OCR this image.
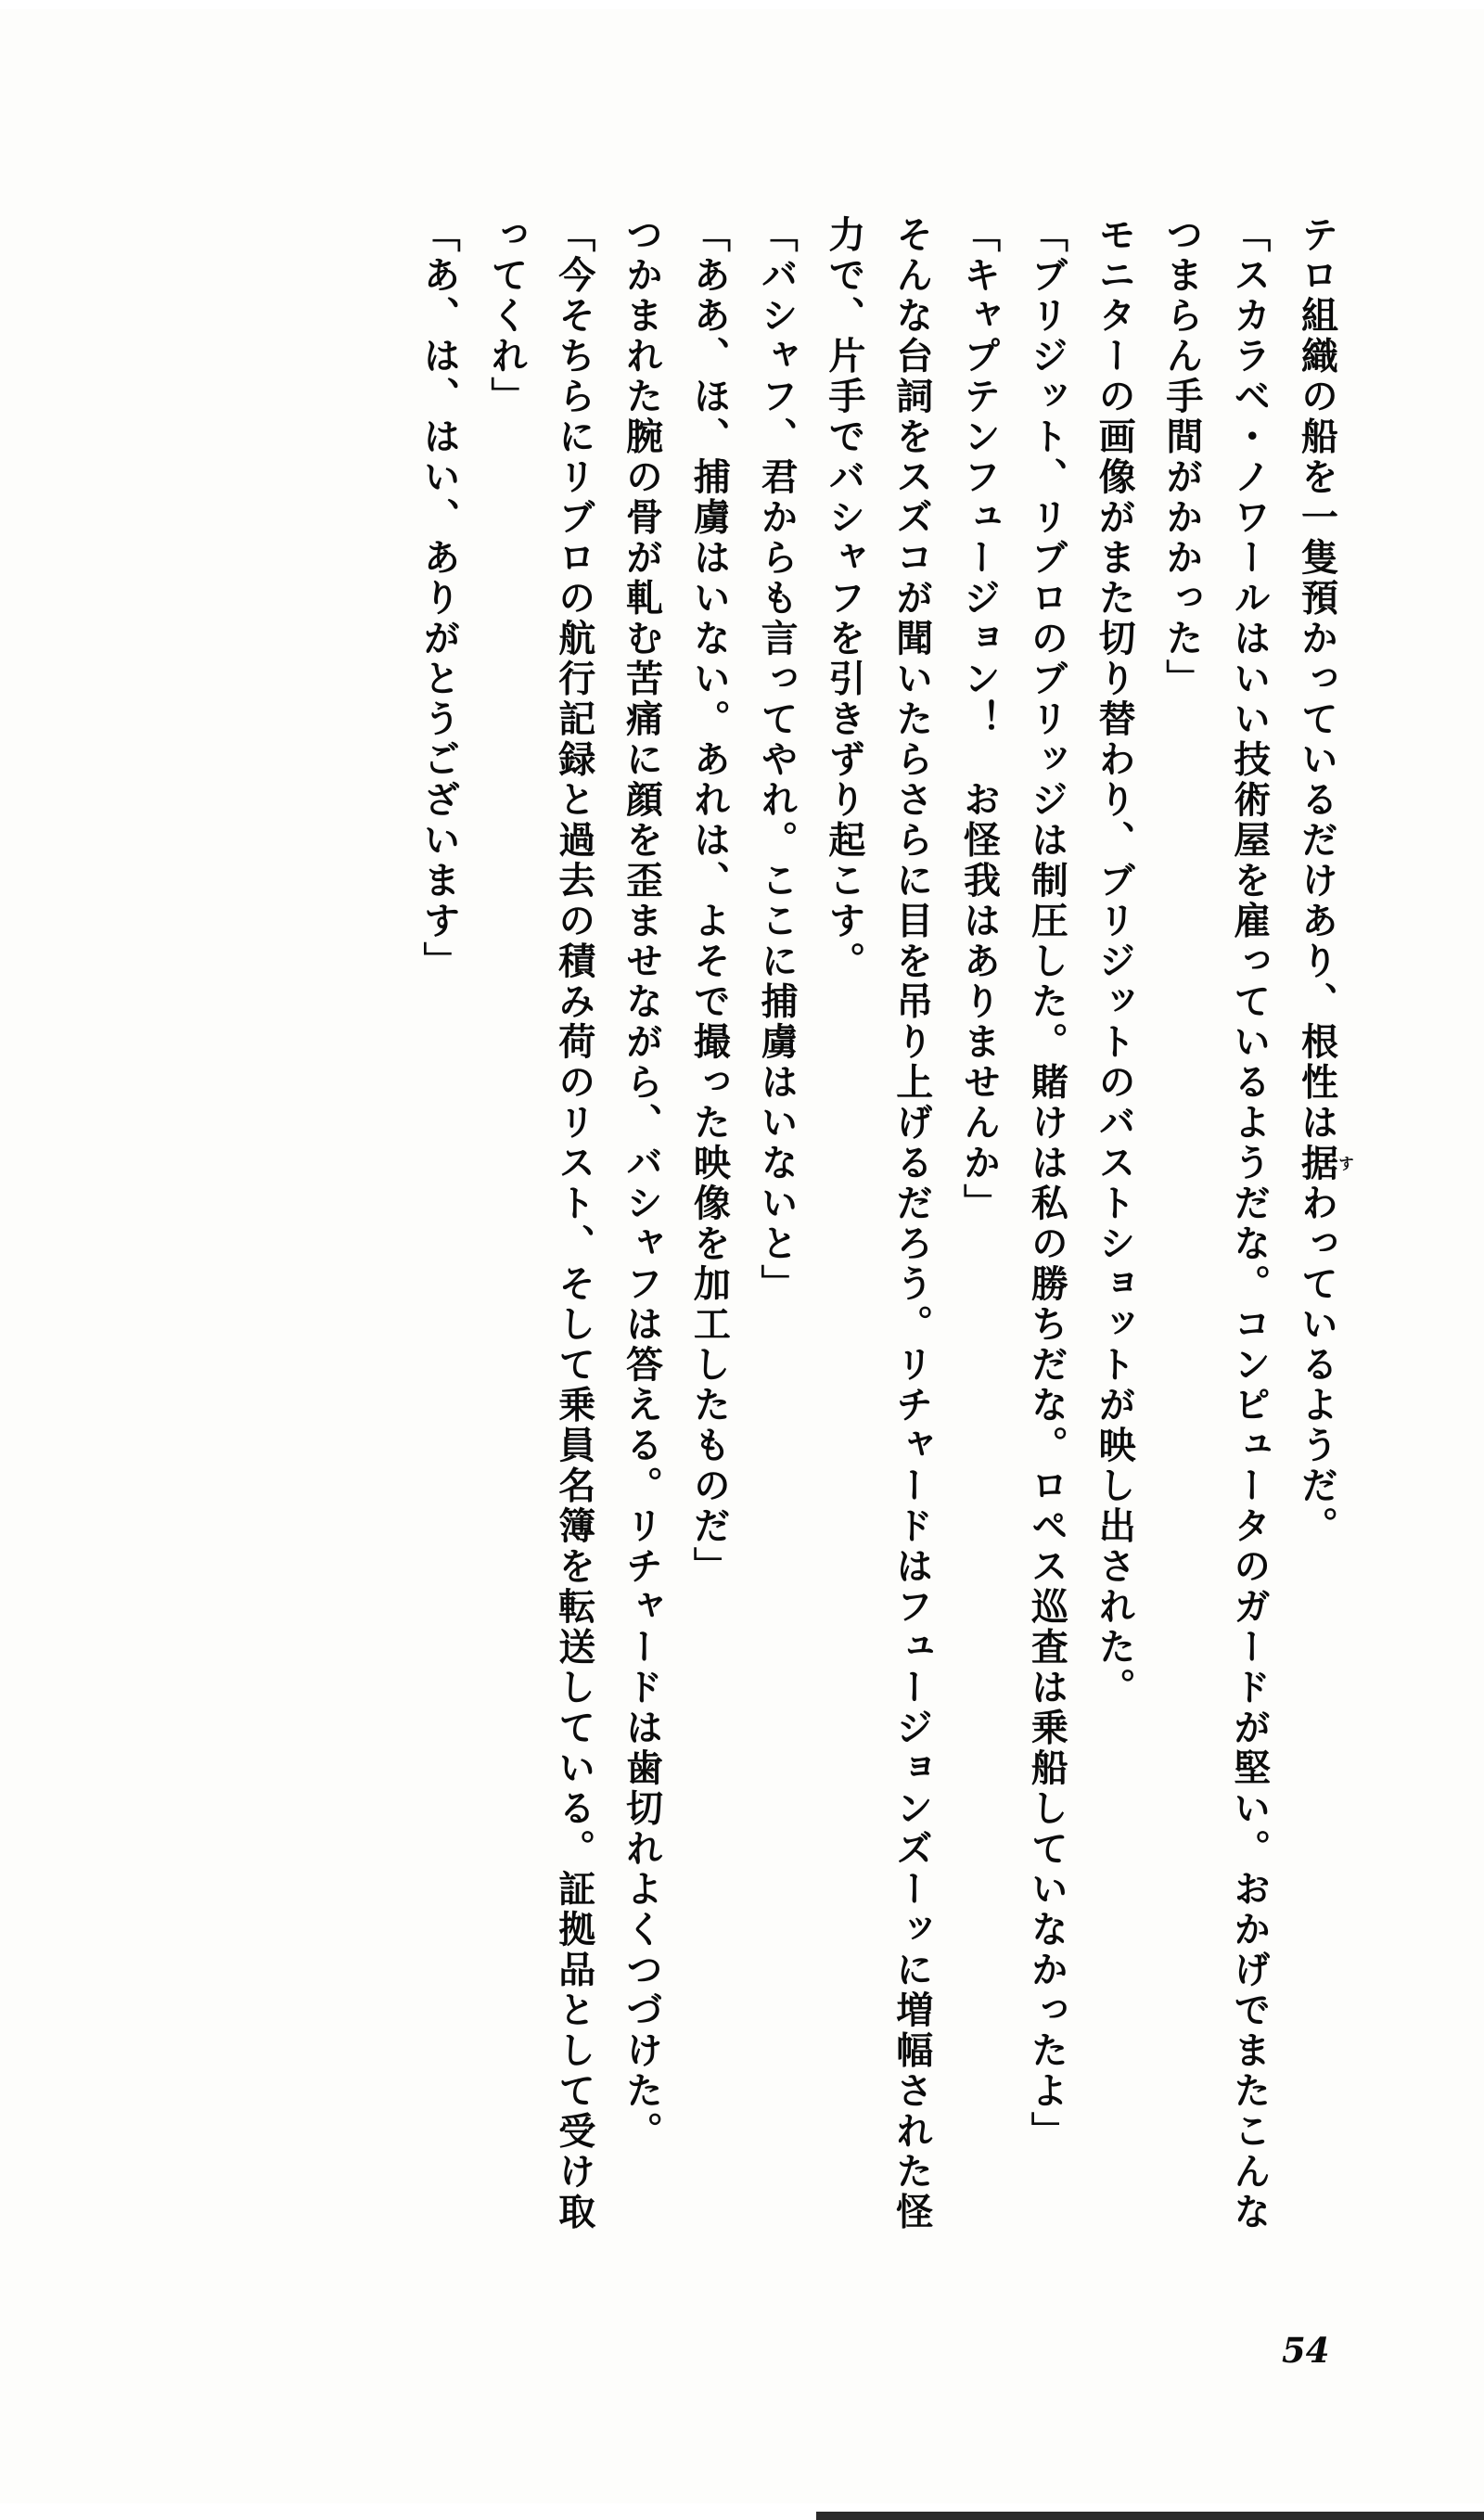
テロ組織の船を一隻預かっているだけあり、根性は据すわっているようだ。

「スカラベ・ノワールはいい技術屋を雇っているようだな。コンピュータのガードが堅い。おかげでまたこんなつまらん手間がかかった」

モニターの画像がまた切り替わり、ブリジットのバストショットが映し出された。

「ブリジット、リブロのブリッジは制圧した。賭けは私の勝ちだな。ロペス巡査は乗船していなかったよ」

「キャプテンフュージョン！　お怪我はありませんか」

そんな台詞をスズコが聞いたらさらに目を吊り上げるだろう。リチャードはフュージョンズーッに増幅された怪力で、片手でバシャフを引きずり起こす。

「バシャフ、君からも言ってやれ。ここに捕虜はいないと」

「ああ、ほ、捕虜はいない。あれは、よそで撮った映像を加工したものだ」

つかまれた腕の骨が軋む苦痛に顔を歪ませながら、バシャフは答える。リチャードは歯切れよくつづけた。

「今そちらにリブロの航行記録と過去の積み荷のリスト、そして乗員名簿を転送している。証拠品として受け取ってくれ」

「あ、は、はい、ありがとうございます」

54
